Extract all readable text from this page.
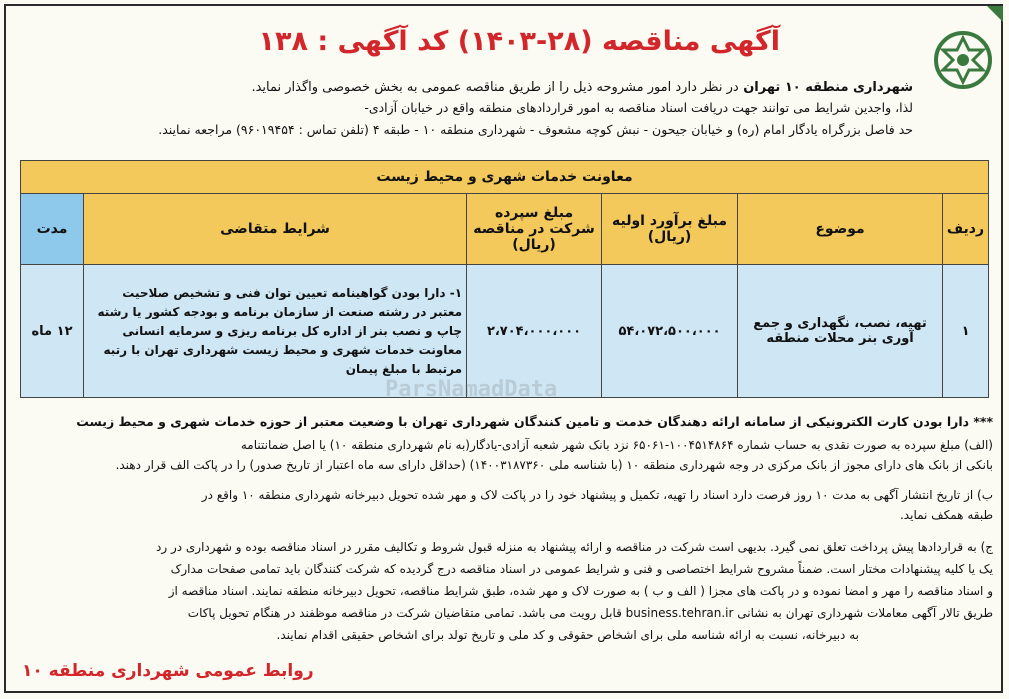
آگهی مناقصه (۲۸-۱۴۰۳) کد آگهی : ۱۳۸
شهرداری منطقه ۱۰ تهران در نظر دارد امور مشروحه ذیل را از طریق مناقصه عمومی به بخش خصوصی واگذار نماید.
لذا، واجدین شرایط می توانند جهت دریافت اسناد مناقصه به امور قراردادهای منطقه واقع در خیابان آزادی-
حد فاصل بزرگراه یادگار امام (ره) و خیابان جیحون - نبش کوچه مشعوف - شهرداری منطقه ۱۰ - طبقه ۴ (تلفن تماس : ۹۶۰۱۹۴۵۴) مراجعه نمایند.
معاونت خدمات شهری و محیط زیست					
ردیف	موضوع	مبلغ برآورد اولیه (ریال)	مبلغ سپرده شرکت در مناقصه (ریال)	شرایط متقاضی	مدت
۱	تهیه، نصب، نگهداری و جمع آوری بنر محلات منطقه	۵۴،۰۷۲،۵۰۰،۰۰۰	۲،۷۰۴،۰۰۰،۰۰۰	۱- دارا بودن گواهینامه تعیین توان فنی و تشخیص صلاحیت معتبر در رشته صنعت از سازمان برنامه و بودجه کشور یا رشته چاپ و نصب بنر از اداره کل برنامه ریزی و سرمایه انسانی معاونت خدمات شهری و محیط زیست شهرداری تهران با رتبه مرتبط با مبلغ پیمان	۱۲ ماه
ParsNamadData
*** دارا بودن کارت الکترونیکی از سامانه ارائه دهندگان خدمت و تامین کنندگان شهرداری تهران با وضعیت معتبر از حوزه خدمات شهری و محیط زیست
(الف) مبلغ سپرده به صورت نقدی به حساب شماره ۱۰۰۴۵۱۴۸۶۴-۶۵۰۶۱ نزد بانک شهر شعبه آزادی-یادگار(به نام شهرداری منطقه ۱۰) یا اصل ضمانتنامه
بانکی از بانک های دارای مجوز از بانک مرکزی در وجه شهرداری منطقه ۱۰ (با شناسه ملی ۱۴۰۰۳۱۸۷۳۶۰) (حداقل دارای سه ماه اعتبار از تاریخ صدور) را در پاکت الف قرار دهند.
ب) از تاریخ انتشار آگهی به مدت ۱۰ روز فرصت دارد اسناد را تهیه، تکمیل و پیشنهاد خود را در پاکت لاک و مهر شده تحویل دبیرخانه شهرداری منطقه ۱۰ واقع در
طبقه همکف نماید.
ج) به قراردادها پیش پرداخت تعلق نمی گیرد. بدیهی است شرکت در مناقصه و ارائه پیشنهاد به منزله قبول شروط و تکالیف مقرر در اسناد مناقصه بوده و شهرداری در رد
یک یا کلیه پیشنهادات مختار است. ضمناً مشروح شرایط اختصاصی و فنی و شرایط عمومی در اسناد مناقصه درج گردیده که شرکت کنندگان باید تمامی صفحات مدارک
و اسناد مناقصه را مهر و امضا نموده و در پاکت های مجزا ( الف و ب ) به صورت لاک و مهر شده، طبق شرایط مناقصه، تحویل دبیرخانه منطقه نمایند. اسناد مناقصه از
طریق تالار آگهی معاملات شهرداری تهران به نشانی business.tehran.ir قابل رویت می باشد. تمامی متقاضیان شرکت در مناقصه موظفند در هنگام تحویل پاکات
به دبیرخانه، نسبت به ارائه شناسه ملی برای اشخاص حقوقی و کد ملی و تاریخ تولد برای اشخاص حقیقی اقدام نمایند.
روابط عمومی شهرداری منطقه ۱۰
